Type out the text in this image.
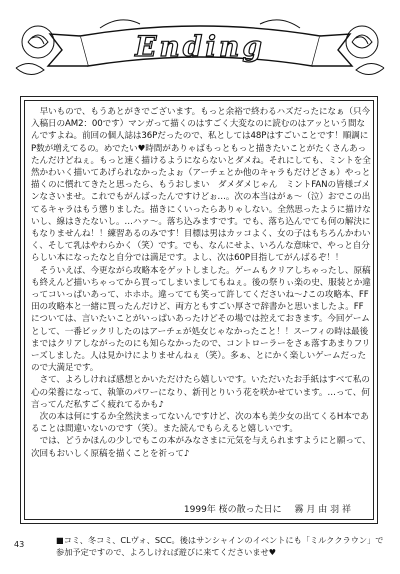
Ending

早いもので、もうあとがきでございます。もっと余裕で終わるハズだったになぁ（只今入稿日のAM2：00です）マンガって描くのはすごく大変なのに読むのはアッという間なんですよね。前回の個人誌は36Pだったので、私としては48Pはすごいことです！順調にP数が増えてるの。めでたい♥時間がありゃばもっともっと描きたいことがたくさんあったんだけどねぇ。もっと速く描けるようにならないとダメね。それにしても、ミントを全然かわいく描いてあげられなかったよぉ（アーチェとか他のキャラもだけどさぁ）やっと描くのに慣れてきたと思ったら、もうおしまい　ダメダメじゃん　ミントFANの皆様ゴメンなさいませ。これでもがんばったんですけどぉ…。次の本当はがぁ〜（泣）おでこの出てるキャラはもう懲りました。描きにくいったらありゃしない。全然思ったように描けないし、線はきたないし。…ハァ〜。落ち込みますです。でも、落ち込んでても何の解決にもなりませんね！！練習あるのみです！目標は男はカッコよく、女の子はもちろんかわいく、そして乳はやわらかく（笑）です。でも、なんにせよ、いろんな意味で、やっと自分らしい本になったなと自分では満足です。よし、次は60P目指してがんばるぞ！！

そういえば、今更ながら攻略本をゲットしました。ゲームもクリアしちゃったし、原稿も終えんど描いちゃってから買ってしまいましてもねぇ。後の祭りぃ楽の史、服装とか違ってコいっぱいあって、ホホホ。違ってても笑って許してくださいね〜♪この攻略本、FF田の攻略本と一緒に買ったんだけど、両方ともすごい厚さで辞書かと思いましたよ。FFについては、言いたいことがいっぱいあったけどその場では控えておきます。今回ゲームとして、一番ビックリしたのはアーチェが処女じゃなかったこと！！スーフィの時は最後まではクリアしながったのにも知らなかったので、コントローラーをさぁ落すあまりフリーズしました。人は見かけによりませんねぇ（笑）。多ぁ、とにかく楽しいゲームだったので大満足です。

さて、よろしければ感想とかいただけたら嬉しいです。いただいたお手紙はすべて私の心の栄養になって、執筆のパワーになり、新刊とりいう花を咲かせています。…って、何言ってんだ私すごく疲れてるかも♪

次の本は何にするか全然決まってないんですけど、次の本も美少女の出てくるH本であることは間違いないのです（笑）。また読んでもらえると嬉しいです。

では、どうかほんの少しでもこの本がみなさまに元気を与えられますようにと願って、次回もおいしく原稿を描くことを祈って♪

1999年 桜の散った日に 霧 月 由 羽 祥
43	■コミ、冬コミ、CLヴォ、SCC。後はサンシャインのイベントにも「ミルククラウン」で参加予定ですので、よろしければ遊びに来てくださいませ♥
